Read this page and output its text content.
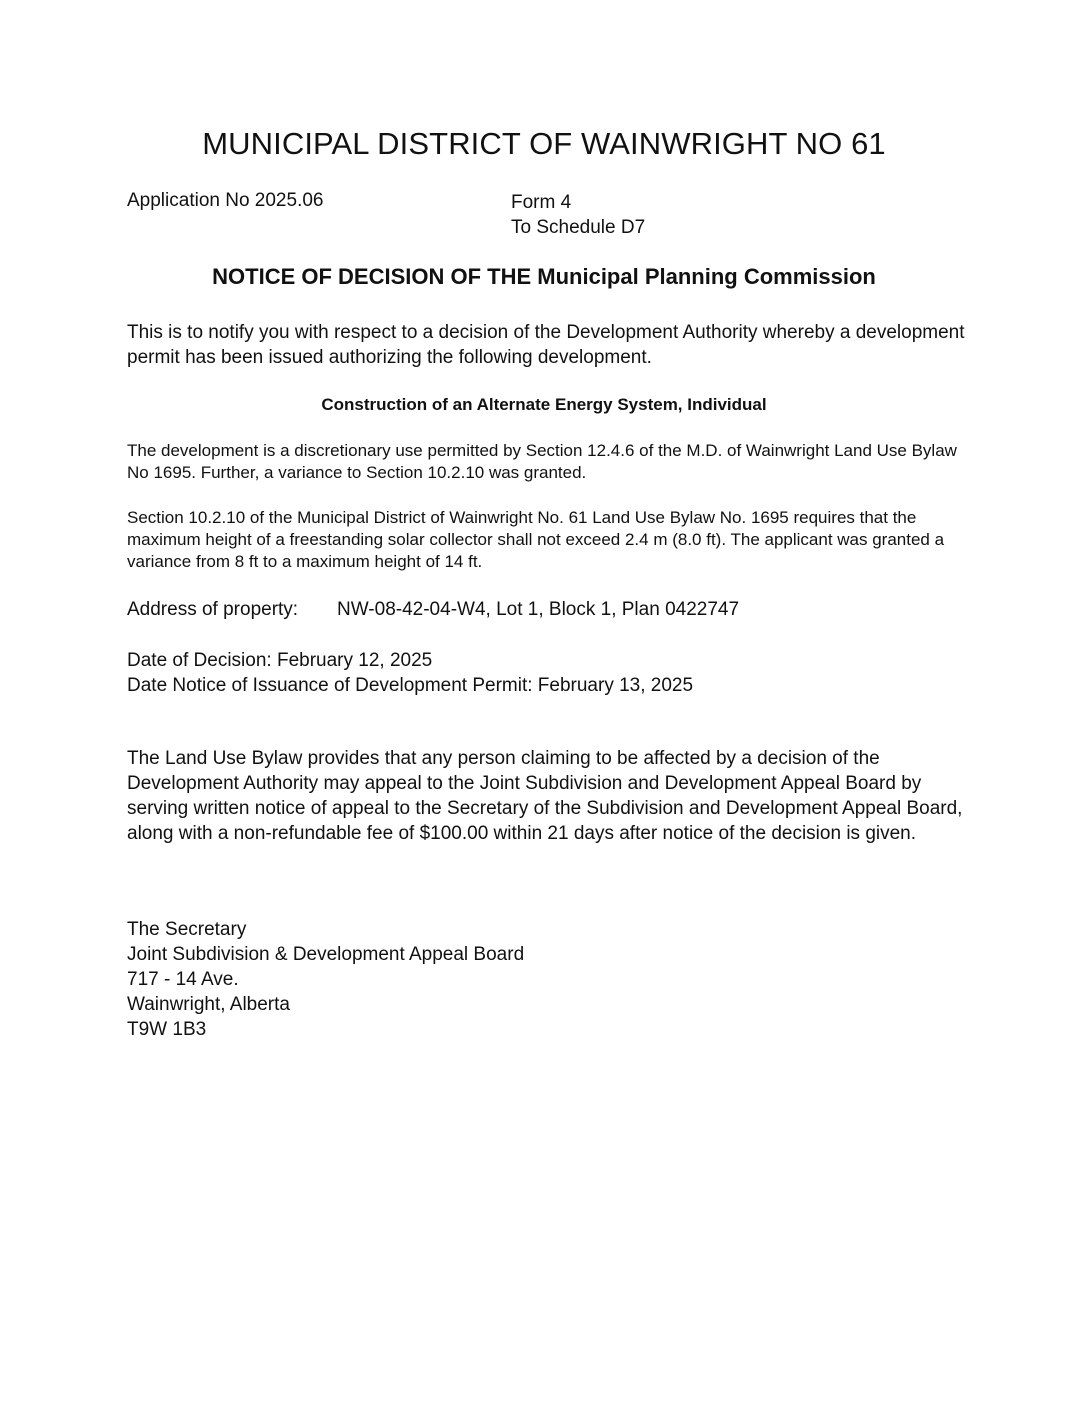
MUNICIPAL DISTRICT OF WAINWRIGHT NO 61
Application No 2025.06	Form 4
To Schedule D7
NOTICE OF DECISION OF THE Municipal Planning Commission

This is to notify you with respect to a decision of the Development Authority whereby a development permit has been issued authorizing the following development.

Construction of an Alternate Energy System, Individual

The development is a discretionary use permitted by Section 12.4.6 of the M.D. of Wainwright Land Use Bylaw No 1695. Further, a variance to Section 10.2.10 was granted.

Section 10.2.10 of the Municipal District of Wainwright No. 61 Land Use Bylaw No. 1695 requires that the maximum height of a freestanding solar collector shall not exceed 2.4 m (8.0 ft). The applicant was granted a variance from 8 ft to a maximum height of 14 ft.

Address of property: NW-08-42-04-W4, Lot 1, Block 1, Plan 0422747
Date of Decision: February 12, 2025
Date Notice of Issuance of Development Permit: February 13, 2025

The Land Use Bylaw provides that any person claiming to be affected by a decision of the Development Authority may appeal to the Joint Subdivision and Development Appeal Board by serving written notice of appeal to the Secretary of the Subdivision and Development Appeal Board, along with a non-refundable fee of $100.00 within 21 days after notice of the decision is given.

The Secretary
Joint Subdivision & Development Appeal Board
717 - 14 Ave.
Wainwright, Alberta
T9W 1B3
